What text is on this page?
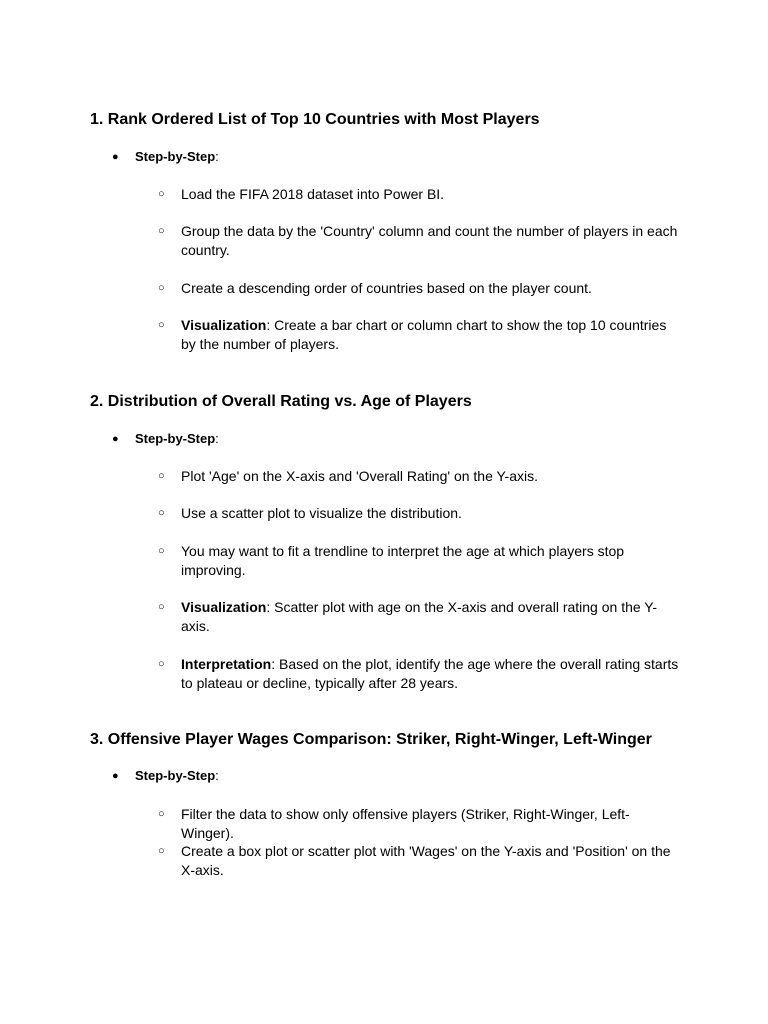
1. Rank Ordered List of Top 10 Countries with Most Players
● Step-by-Step:
○ Load the FIFA 2018 dataset into Power BI.
○ Group the data by the 'Country' column and count the number of players in each country.
○ Create a descending order of countries based on the player count.
○ Visualization: Create a bar chart or column chart to show the top 10 countries by the number of players.
2. Distribution of Overall Rating vs. Age of Players
● Step-by-Step:
○ Plot 'Age' on the X-axis and 'Overall Rating' on the Y-axis.
○ Use a scatter plot to visualize the distribution.
○ You may want to fit a trendline to interpret the age at which players stop improving.
○ Visualization: Scatter plot with age on the X-axis and overall rating on the Y-axis.
○ Interpretation: Based on the plot, identify the age where the overall rating starts to plateau or decline, typically after 28 years.
3. Offensive Player Wages Comparison: Striker, Right-Winger, Left-Winger
● Step-by-Step:
○ Filter the data to show only offensive players (Striker, Right-Winger, Left-Winger).
○ Create a box plot or scatter plot with 'Wages' on the Y-axis and 'Position' on the X-axis.
